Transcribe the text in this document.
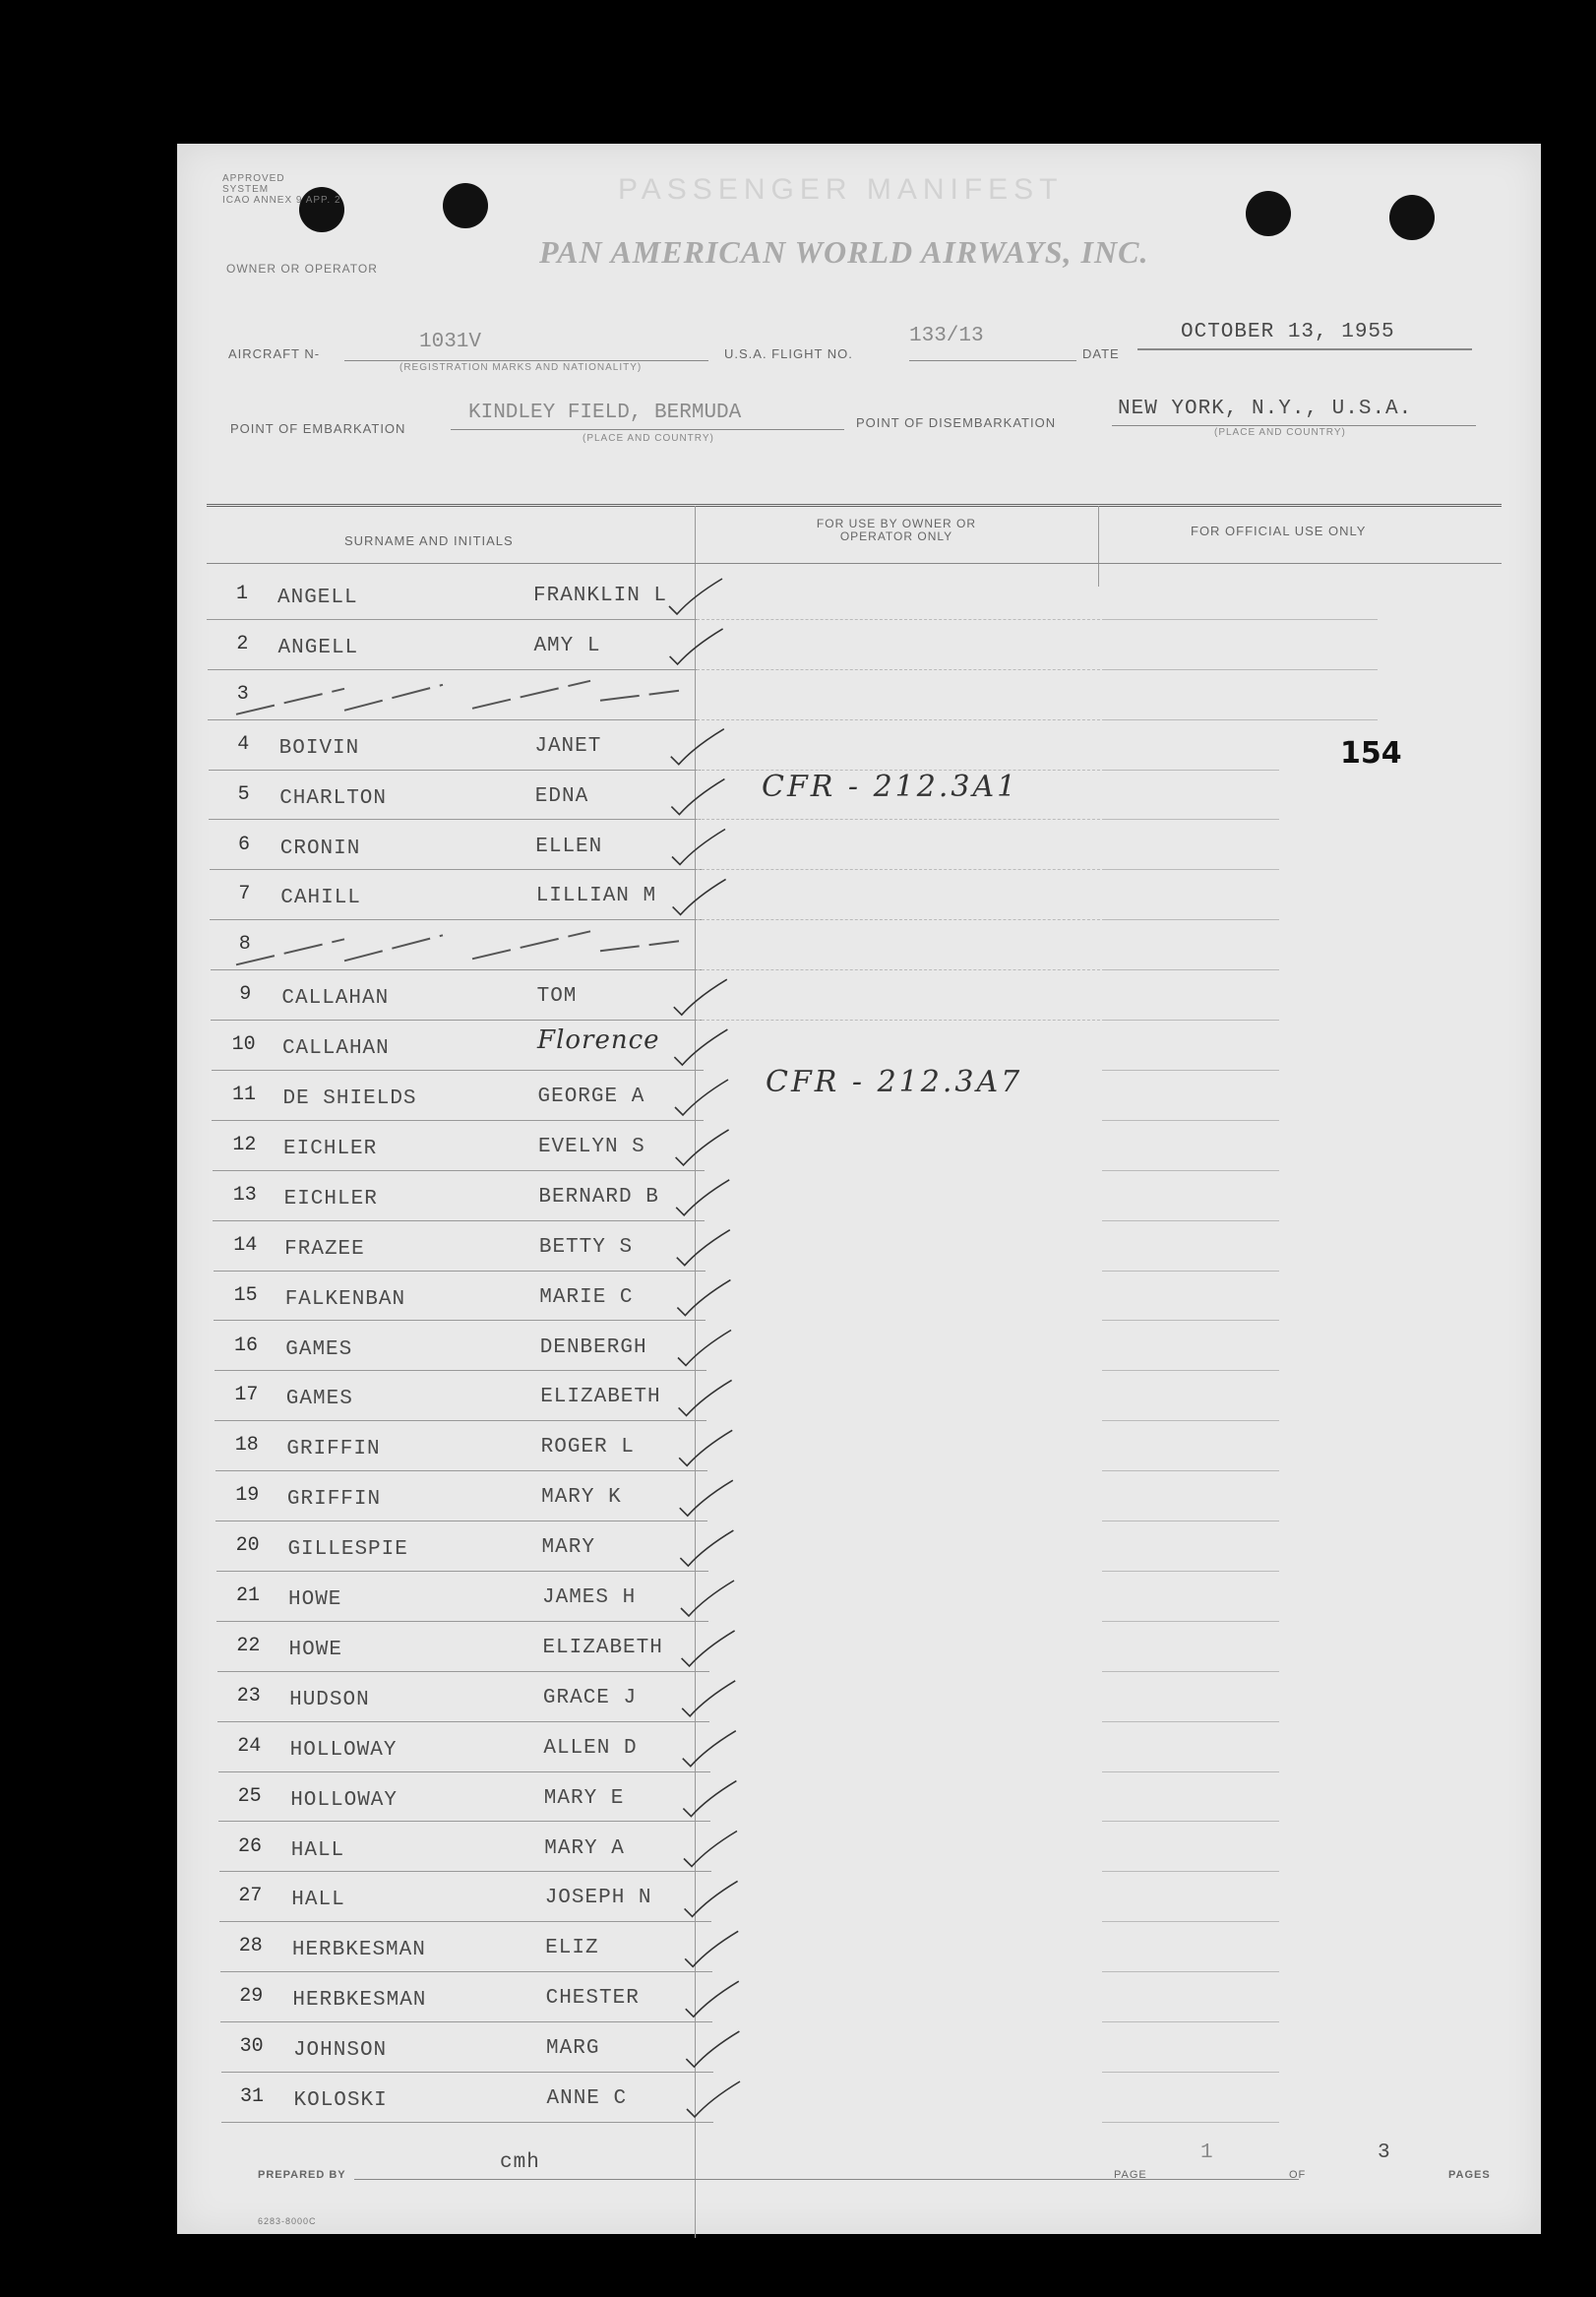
APPROVED
SYSTEM
ICAO ANNEX 9 APP. 2	PASSENGER MANIFEST
PAN AMERICAN WORLD AIRWAYS, INC.
OWNER OR OPERATOR
AIRCRAFT N-
1031V
(REGISTRATION MARKS AND NATIONALITY)
U.S.A. FLIGHT NO.
133/13
DATE
OCTOBER 13, 1955
POINT OF EMBARKATION
KINDLEY FIELD, BERMUDA
(PLACE AND COUNTRY)
POINT OF DISEMBARKATION
NEW YORK, N.Y., U.S.A.
(PLACE AND COUNTRY)
SURNAME AND INITIALS
FOR USE BY OWNER OR OPERATOR ONLY	FOR OFFICIAL USE ONLY
154
1 ANGELL	FRANKLIN L
2 ANGELL	AMY L
3
4 BOIVIN	JANET
5 CHARLTON	EDNA
6 CRONIN	ELLEN
7 CAHILL	LILLIAN M
8
9 CALLAHAN	TOM
10 CALLAHAN	Florence
11 DE SHIELDS	GEORGE A
12 EICHLER	EVELYN S
13 EICHLER	BERNARD B
14 FRAZEE	BETTY S
15 FALKENBAN	MARIE C
16 GAMES	DENBERGH
17 GAMES	ELIZABETH
18 GRIFFIN	ROGER L
19 GRIFFIN	MARY K
20 GILLESPIE	MARY
21 HOWE	JAMES H
22 HOWE	ELIZABETH
23 HUDSON	GRACE J
24 HOLLOWAY	ALLEN D
25 HOLLOWAY	MARY E
26 HALL	MARY A
27 HALL	JOSEPH N
28 HERBKESMAN	ELIZ
29 HERBKESMAN	CHESTER
30 JOHNSON	MARG
31 KOLOSKI	ANNE C
CFR - 212.3A1
CFR - 212.3A7
PREPARED BY
cmh
PAGE
1
OF
3
PAGES
6283-8000C
